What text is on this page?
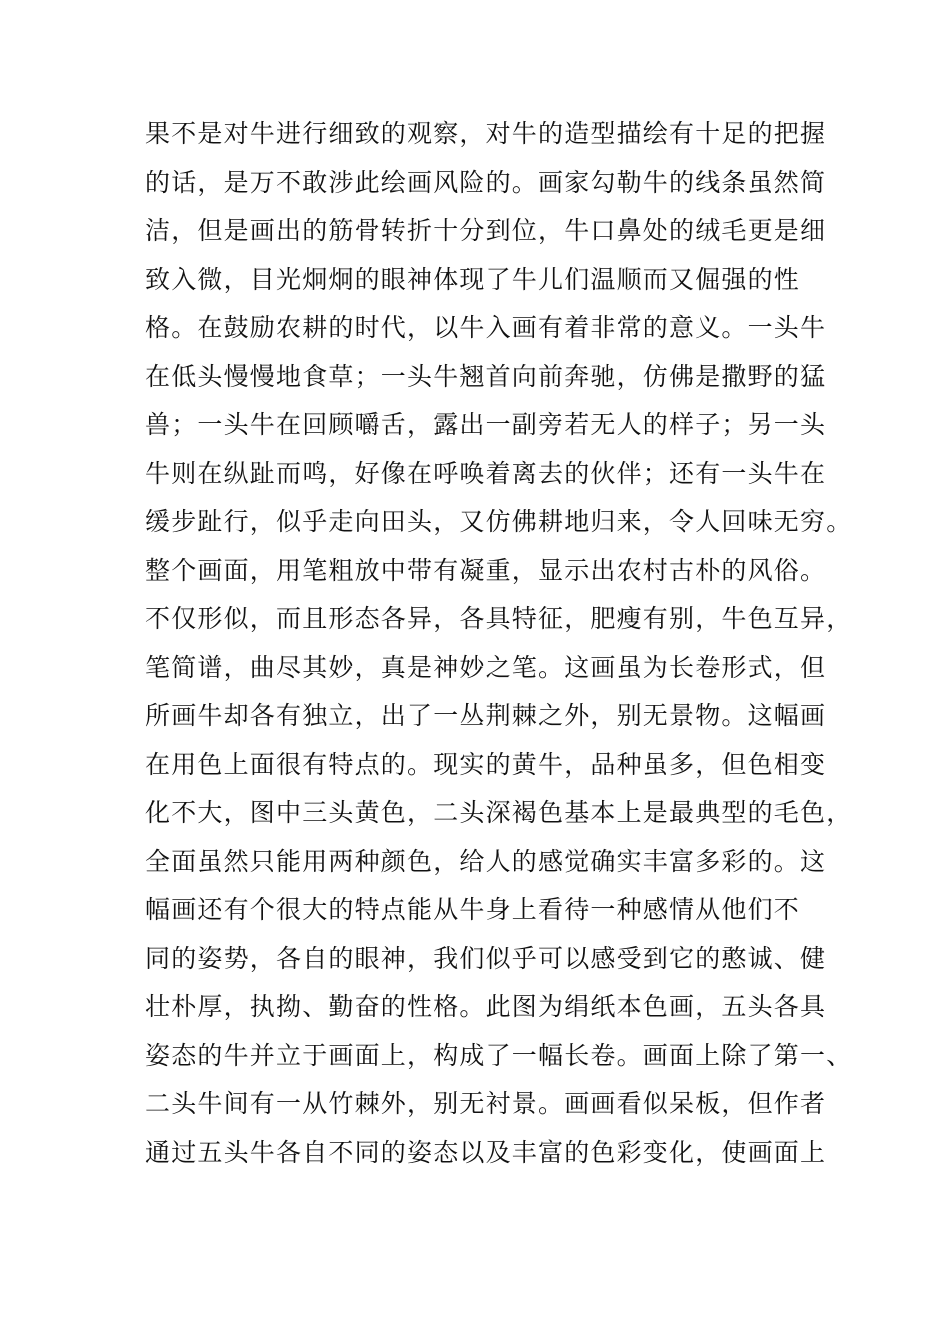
果不是对牛进行细致的观察，对牛的造型描绘有十足的把握
的话，是万不敢涉此绘画风险的。画家勾勒牛的线条虽然简
洁，但是画出的筋骨转折十分到位，牛口鼻处的绒毛更是细
致入微，目光炯炯的眼神体现了牛儿们温顺而又倔强的性
格。在鼓励农耕的时代，以牛入画有着非常的意义。一头牛
在低头慢慢地食草；一头牛翘首向前奔驰，仿佛是撒野的猛
兽；一头牛在回顾嚼舌，露出一副旁若无人的样子；另一头
牛则在纵趾而鸣，好像在呼唤着离去的伙伴；还有一头牛在
缓步趾行，似乎走向田头，又仿佛耕地归来，令人回味无穷。
整个画面，用笔粗放中带有凝重，显示出农村古朴的风俗。
不仅形似，而且形态各异，各具特征，肥瘦有别，牛色互异，
笔简谱，曲尽其妙，真是神妙之笔。这画虽为长卷形式，但
所画牛却各有独立，出了一丛荆棘之外，别无景物。这幅画
在用色上面很有特点的。现实的黄牛，品种虽多，但色相变
化不大，图中三头黄色，二头深褐色基本上是最典型的毛色，
全面虽然只能用两种颜色，给人的感觉确实丰富多彩的。这
幅画还有个很大的特点能从牛身上看待一种感情从他们不
同的姿势，各自的眼神，我们似乎可以感受到它的憨诚、健
壮朴厚，执拗、勤奋的性格。此图为绢纸本色画，五头各具
姿态的牛并立于画面上，构成了一幅长卷。画面上除了第一、
二头牛间有一从竹棘外，别无衬景。画画看似呆板，但作者
通过五头牛各自不同的姿态以及丰富的色彩变化，使画面上
